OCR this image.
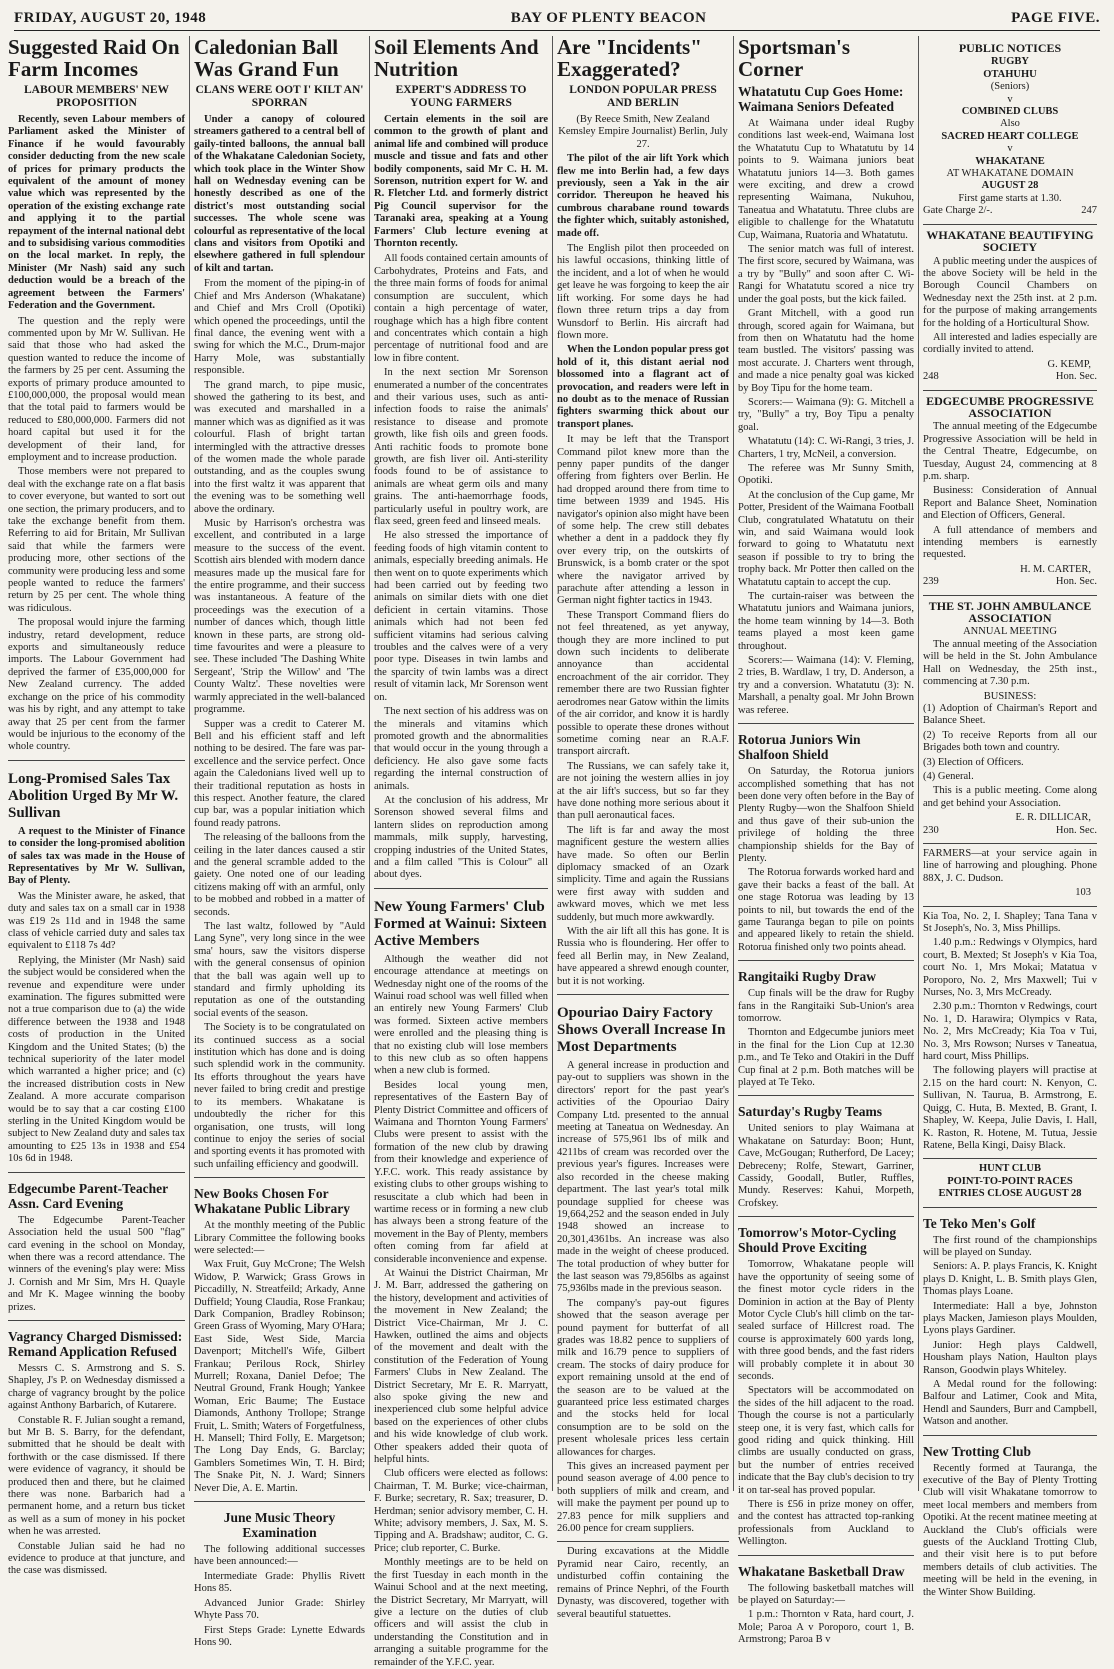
FRIDAY, AUGUST 20, 1948	BAY OF PLENTY BEACON	PAGE FIVE.
Suggested Raid On Farm Incomes
LABOUR MEMBERS' NEW PROPOSITION

Recently, seven Labour members of Parliament asked the Minister of Finance if he would favourably consider deducting from the new scale of prices for primary products the equivalent of the amount of money value which was represented by the operation of the existing exchange rate and applying it to the partial repayment of the internal national debt and to subsidising various commodities on the local market. In reply, the Minister (Mr Nash) said any such deduction would be a breach of the agreement between the Farmers' Federation and the Government.

The question and the reply were commented upon by Mr W. Sullivan. He said that those who had asked the question wanted to reduce the income of the farmers by 25 per cent. Assuming the exports of primary produce amounted to £100,000,000, the proposal would mean that the total paid to farmers would be reduced to £80,000,000. Farmers did not hoard capital but used it for the development of their land, for employment and to increase production.

Those members were not prepared to deal with the exchange rate on a flat basis to cover everyone, but wanted to sort out one section, the primary producers, and to take the exchange benefit from them. Referring to aid for Britain, Mr Sullivan said that while the farmers were producing more, other sections of the community were producing less and some people wanted to reduce the farmers' return by 25 per cent. The whole thing was ridiculous.

The proposal would injure the farming industry, retard development, reduce exports and simultaneously reduce imports. The Labour Government had deprived the farmer of £35,000,000 for New Zealand currency. The added exchange on the price of his commodity was his by right, and any attempt to take away that 25 per cent from the farmer would be injurious to the economy of the whole country.

Long-Promised Sales Tax Abolition Urged By Mr W. Sullivan

A request to the Minister of Finance to consider the long-promised abolition of sales tax was made in the House of Representatives by Mr W. Sullivan, Bay of Plenty.

Was the Minister aware, he asked, that duty and sales tax on a small car in 1938 was £19 2s 11d and in 1948 the same class of vehicle carried duty and sales tax equivalent to £118 7s 4d?

Replying, the Minister (Mr Nash) said the subject would be considered when the revenue and expenditure were under examination. The figures submitted were not a true comparison due to (a) the wide difference between the 1938 and 1948 costs of production in the United Kingdom and the United States; (b) the technical superiority of the later model which warranted a higher price; and (c) the increased distribution costs in New Zealand. A more accurate comparison would be to say that a car costing £100 sterling in the United Kingdom would be subject to New Zealand duty and sales tax amounting to £25 13s in 1938 and £54 10s 6d in 1948.

Edgecumbe Parent-Teacher Assn. Card Evening

The Edgecumbe Parent-Teacher Association held the usual 500 "flag" card evening in the school on Monday, when there was a record attendance. The winners of the evening's play were: Miss J. Cornish and Mr Sim, Mrs H. Quayle and Mr K. Magee winning the booby prizes.

Vagrancy Charged Dismissed: Remand Application Refused

Messrs C. S. Armstrong and S. S. Shapley, J's P. on Wednesday dismissed a charge of vagrancy brought by the police against Anthony Barbarich, of Kutarere.

Constable R. F. Julian sought a remand, but Mr B. S. Barry, for the defendant, submitted that he should be dealt with forthwith or the case dismissed. If there were evidence of vagrancy, it should be produced then and there, but he claimed there was none. Barbarich had a permanent home, and a return bus ticket as well as a sum of money in his pocket when he was arrested.

Constable Julian said he had no evidence to produce at that juncture, and the case was dismissed.

Caledonian Ball Was Grand Fun
CLANS WERE OOT I' KILT AN' SPORRAN

Under a canopy of coloured streamers gathered to a central bell of gaily-tinted balloons, the annual ball of the Whakatane Caledonian Society, which took place in the Winter Show hall on Wednesday evening can be honestly described as one of the district's most outstanding social successes. The whole scene was colourful as representative of the local clans and visitors from Opotiki and elsewhere gathered in full splendour of kilt and tartan.

From the moment of the piping-in of Chief and Mrs Anderson (Whakatane) and Chief and Mrs Croll (Opotiki) which opened the proceedings, until the final dance, the evening went with a swing for which the M.C., Drum-major Harry Mole, was substantially responsible.

The grand march, to pipe music, showed the gathering to its best, and was executed and marshalled in a manner which was as dignified as it was colourful. Flash of bright tartan intermingled with the attractive dresses of the women made the whole parade outstanding, and as the couples swung into the first waltz it was apparent that the evening was to be something well above the ordinary.

Music by Harrison's orchestra was excellent, and contributed in a large measure to the success of the event. Scottish airs blended with modern dance measures made up the musical fare for the entire programme, and their success was instantaneous. A feature of the proceedings was the execution of a number of dances which, though little known in these parts, are strong old-time favourites and were a pleasure to see. These included 'The Dashing White Sergeant', 'Strip the Willow' and 'The County Waltz'. These novelties were warmly appreciated in the well-balanced programme.

Supper was a credit to Caterer M. Bell and his efficient staff and left nothing to be desired. The fare was par-excellence and the service perfect. Once again the Caledonians lived well up to their traditional reputation as hosts in this respect. Another feature, the clared cup bar, was a popular initiation which found ready patrons.

The releasing of the balloons from the ceiling in the later dances caused a stir and the general scramble added to the gaiety. One noted one of our leading citizens making off with an armful, only to be mobbed and robbed in a matter of seconds.

The last waltz, followed by "Auld Lang Syne", very long since in the wee sma' hours, saw the visitors disperse with the general consensus of opinion that the ball was again well up to standard and firmly upholding its reputation as one of the outstanding social events of the season.

The Society is to be congratulated on its continued success as a social institution which has done and is doing such splendid work in the community. Its efforts throughout the years have never failed to bring credit and prestige to its members. Whakatane is undoubtedly the richer for this organisation, one trusts, will long continue to enjoy the series of social and sporting events it has promoted with such unfailing efficiency and goodwill.

New Books Chosen For Whakatane Public Library

At the monthly meeting of the Public Library Committee the following books were selected:—

Wax Fruit, Guy McCrone; The Welsh Widow, P. Warwick; Grass Grows in Piccadilly, N. Streatfeild; Arkady, Anne Duffield; Young Claudia, Rose Frankau; Dark Companion, Bradley Robinson; Green Grass of Wyoming, Mary O'Hara; East Side, West Side, Marcia Davenport; Mitchell's Wife, Gilbert Frankau; Perilous Rock, Shirley Murrell; Roxana, Daniel Defoe; The Neutral Ground, Frank Hough; Yankee Woman, Eric Baume; The Eustace Diamonds, Anthony Trollope; Strange Fruit, L. Smith; Waters of Forgetfulness, H. Mansell; Third Folly, E. Margetson; The Long Day Ends, G. Barclay; Gamblers Sometimes Win, T. H. Bird; The Snake Pit, N. J. Ward; Sinners Never Die, A. E. Martin.

June Music Theory Examination

The following additional successes have been announced:—

Intermediate Grade: Phyllis Rivett Hons 85.

Advanced Junior Grade: Shirley Whyte Pass 70.

First Steps Grade: Lynette Edwards Hons 90.

Soil Elements And Nutrition
EXPERT'S ADDRESS TO YOUNG FARMERS

Certain elements in the soil are common to the growth of plant and animal life and combined will produce muscle and tissue and fats and other bodily components, said Mr C. H. M. Sorenson, nutrition expert for W. and R. Fletcher Ltd. and formerly district Pig Council supervisor for the Taranaki area, speaking at a Young Farmers' Club lecture evening at Thornton recently.

All foods contained certain amounts of Carbohydrates, Proteins and Fats, and the three main forms of foods for animal consumption are succulent, which contain a high percentage of water, roughage which has a high fibre content and concentrates which contain a high percentage of nutritional food and are low in fibre content.

In the next section Mr Sorenson enumerated a number of the concentrates and their various uses, such as anti-infection foods to raise the animals' resistance to disease and promote growth, like fish oils and green foods. Anti rachitic foods to promote bone growth, are fish liver oil. Anti-sterility foods found to be of assistance to animals are wheat germ oils and many grains. The anti-haemorrhage foods, particularly useful in poultry work, are flax seed, green feed and linseed meals.

He also stressed the importance of feeding foods of high vitamin content to animals, especially breeding animals. He then went on to quote experiments which had been carried out by feeding two animals on similar diets with one diet deficient in certain vitamins. Those animals which had not been fed sufficient vitamins had serious calving troubles and the calves were of a very poor type. Diseases in twin lambs and the sparcity of twin lambs was a direct result of vitamin lack, Mr Sorenson went on.

The next section of his address was on the minerals and vitamins which promoted growth and the abnormalities that would occur in the young through a deficiency. He also gave some facts regarding the internal construction of animals.

At the conclusion of his address, Mr Sorenson showed several films and lantern slides on reproduction among mammals, milk supply, harvesting, cropping industries of the United States, and a film called "This is Colour" all about dyes.

New Young Farmers' Club Formed at Wainui: Sixteen Active Members

Although the weather did not encourage attendance at meetings on Wednesday night one of the rooms of the Wainui road school was well filled when an entirely new Young Farmers' Club was formed. Sixteen active members were enrolled and the pleasing thing is that no existing club will lose members to this new club as so often happens when a new club is formed.

Besides local young men, representatives of the Eastern Bay of Plenty District Committee and officers of Waimana and Thornton Young Farmers' Clubs were present to assist with the formation of the new club by drawing from their knowledge and experience of Y.F.C. work. This ready assistance by existing clubs to other groups wishing to resuscitate a club which had been in wartime recess or in forming a new club has always been a strong feature of the movement in the Bay of Plenty, members often coming from far afield at considerable inconvenience and expense.

At Wainui the District Chairman, Mr J. M. Barr, addressed the gathering on the history, development and activities of the movement in New Zealand; the District Vice-Chairman, Mr J. C. Hawken, outlined the aims and objects of the movement and dealt with the constitution of the Federation of Young Farmers' Clubs in New Zealand. The District Secretary, Mr E. R. Marryatt, also spoke giving the new and inexperienced club some helpful advice based on the experiences of other clubs and his wide knowledge of club work. Other speakers added their quota of helpful hints.

Club officers were elected as follows: Chairman, T. M. Burke; vice-chairman, F. Burke; secretary, R. Sax; treasurer, D. Herdman; senior advisory member, C. H. White; advisory members, J. Sax, M. S. Tipping and A. Bradshaw; auditor, C. G. Price; club reporter, C. Burke.

Monthly meetings are to be held on the first Tuesday in each month in the Wainui School and at the next meeting, the District Secretary, Mr Marryatt, will give a lecture on the duties of club officers and will assist the club in understanding the Constitution and in arranging a suitable programme for the remainder of the Y.F.C. year.

Are "Incidents" Exaggerated?
LONDON POPULAR PRESS AND BERLIN

(By Reece Smith, New Zealand Kemsley Empire Journalist) Berlin, July 27.

The pilot of the air lift York which flew me into Berlin had, a few days previously, seen a Yak in the air corridor. Thereupon he heaved his cumbrous charabane round towards the fighter which, suitably astonished, made off.

The English pilot then proceeded on his lawful occasions, thinking little of the incident, and a lot of when he would get leave he was forgoing to keep the air lift working. For some days he had flown three return trips a day from Wunsdorf to Berlin. His aircraft had flown more.

When the London popular press got hold of it, this distant aerial nod blossomed into a flagrant act of provocation, and readers were left in no doubt as to the menace of Russian fighters swarming thick about our transport planes.

It may be left that the Transport Command pilot knew more than the penny paper pundits of the danger offering from fighters over Berlin. He had dropped around there from time to time between 1939 and 1945. His navigator's opinion also might have been of some help. The crew still debates whether a dent in a paddock they fly over every trip, on the outskirts of Brunswick, is a bomb crater or the spot where the navigator arrived by parachute after attending a lesson in German night fighter tactics in 1943.

These Transport Command fliers do not feel threatened, as yet anyway, though they are more inclined to put down such incidents to deliberate annoyance than accidental encroachment of the air corridor. They remember there are two Russian fighter aerodromes near Gatow within the limits of the air corridor, and know it is hardly possible to operate these drones without sometime coming near an R.A.F. transport aircraft.

The Russians, we can safely take it, are not joining the western allies in joy at the air lift's success, but so far they have done nothing more serious about it than pull aeronautical faces.

The lift is far and away the most magnificent gesture the western allies have made. So often our Berlin diplomacy smacked of an Ozark simplicity. Time and again the Russians were first away with sudden and awkward moves, which we met less suddenly, but much more awkwardly.

With the air lift all this has gone. It is Russia who is floundering. Her offer to feed all Berlin may, in New Zealand, have appeared a shrewd enough counter, but it is not working.

Opouriao Dairy Factory Shows Overall Increase In Most Departments

A general increase in production and pay-out to suppliers was shown in the directors' report for the past year's activities of the Opouriao Dairy Company Ltd. presented to the annual meeting at Taneatua on Wednesday. An increase of 575,961 lbs of milk and 4211bs of cream was recorded over the previous year's figures. Increases were also recorded in the cheese making department. The last year's total milk poundage supplied for cheese was 19,664,252 and the season ended in July 1948 showed an increase to 20,301,4361bs. An increase was also made in the weight of cheese produced. The total production of whey butter for the last season was 79,856lbs as against 75,936lbs made in the previous season.

The company's pay-out figures showed that the season average per pound payment for butterfat of all grades was 18.82 pence to suppliers of milk and 16.79 pence to suppliers of cream. The stocks of dairy produce for export remaining unsold at the end of the season are to be valued at the guaranteed price less estimated charges and the stocks held for local consumption are to be sold on the present wholesale prices less certain allowances for charges.

This gives an increased payment per pound season average of 4.00 pence to both suppliers of milk and cream, and will make the payment per pound up to 27.83 pence for milk suppliers and 26.00 pence for cream suppliers.

During excavations at the Middle Pyramid near Cairo, recently, an undisturbed coffin containing the remains of Prince Nephri, of the Fourth Dynasty, was discovered, together with several beautiful statuettes.

Sportsman's Corner
Whatatutu Cup Goes Home: Waimana Seniors Defeated

At Waimana under ideal Rugby conditions last week-end, Waimana lost the Whatatutu Cup to Whatatutu by 14 points to 9. Waimana juniors beat Whatatutu juniors 14—3. Both games were exciting, and drew a crowd representing Waimana, Nukuhou, Taneatua and Whatatutu. Three clubs are eligible to challenge for the Whatatutu Cup, Waimana, Ruatoria and Whatatutu.

The senior match was full of interest. The first score, secured by Waimana, was a try by "Bully" and soon after C. Wi-Rangi for Whatatutu scored a nice try under the goal posts, but the kick failed.

Grant Mitchell, with a good run through, scored again for Waimana, but from then on Whatatutu had the home team bustled. The visitors' passing was most accurate. J. Charters went through, and made a nice penalty goal was kicked by Boy Tipu for the home team.

Scorers:— Waimana (9): G. Mitchell a try, "Bully" a try, Boy Tipu a penalty goal.

Whatatutu (14): C. Wi-Rangi, 3 tries, J. Charters, 1 try, McNeil, a conversion.

The referee was Mr Sunny Smith, Opotiki.

At the conclusion of the Cup game, Mr Potter, President of the Waimana Football Club, congratulated Whatatutu on their win, and said Waimana would look forward to going to Whatatutu next season if possible to try to bring the trophy back. Mr Potter then called on the Whatatutu captain to accept the cup.

The curtain-raiser was between the Whatatutu juniors and Waimana juniors, the home team winning by 14—3. Both teams played a most keen game throughout.

Scorers:— Waimana (14): V. Fleming, 2 tries, B. Wardlaw, 1 try, D. Anderson, a try and a conversion. Whatatutu (3): N. Marshall, a penalty goal. Mr John Brown was referee.

Rotorua Juniors Win Shalfoon Shield

On Saturday, the Rotorua juniors accomplished something that has not been done very often before in the Bay of Plenty Rugby—won the Shalfoon Shield and thus gave of their sub-union the privilege of holding the three championship shields for the Bay of Plenty.

The Rotorua forwards worked hard and gave their backs a feast of the ball. At one stage Rotorua was leading by 13 points to nil, but towards the end of the game Tauranga began to pile on points and appeared likely to retain the shield. Rotorua finished only two points ahead.

Rangitaiki Rugby Draw

Cup finals will be the draw for Rugby fans in the Rangitaiki Sub-Union's area tomorrow.

Thornton and Edgecumbe juniors meet in the final for the Lion Cup at 12.30 p.m., and Te Teko and Otakiri in the Duff Cup final at 2 p.m. Both matches will be played at Te Teko.

Saturday's Rugby Teams

United seniors to play Waimana at Whakatane on Saturday: Boon; Hunt, Cave, McGougan; Rutherford, De Lacey; Debreceny; Rolfe, Stewart, Garriner, Cassidy, Goodall, Butler, Ruffles, Mundy. Reserves: Kahui, Morpeth, Crofskey.

Tomorrow's Motor-Cycling Should Prove Exciting

Tomorrow, Whakatane people will have the opportunity of seeing some of the finest motor cycle riders in the Dominion in action at the Bay of Plenty Motor Cycle Club's hill climb on the tar-sealed surface of Hillcrest road. The course is approximately 600 yards long, with three good bends, and the fast riders will probably complete it in about 30 seconds.

Spectators will be accommodated on the sides of the hill adjacent to the road. Though the course is not a particularly steep one, it is very fast, which calls for good riding and quick thinking. Hill climbs are usually conducted on grass, but the number of entries received indicate that the Bay club's decision to try it on tar-seal has proved popular.

There is £56 in prize money on offer, and the contest has attracted top-ranking professionals from Auckland to Wellington.

Whakatane Basketball Draw

The following basketball matches will be played on Saturday:—

1 p.m.: Thornton v Rata, hard court, J. Mole; Paroa A v Poroporo, court 1, B. Armstrong; Paroa B v

PUBLIC NOTICES
RUGBY
OTAHUHU
(Seniors)
v
COMBINED CLUBS
Also
SACRED HEART COLLEGE
v
WHAKATANE
AT WHAKATANE DOMAIN
AUGUST 28
First game starts at 1.30.
Gate Charge 2/-.	247
WHAKATANE BEAUTIFYING SOCIETY

A public meeting under the auspices of the above Society will be held in the Borough Council Chambers on Wednesday next the 25th inst. at 2 p.m. for the purpose of making arrangements for the holding of a Horticultural Show.

All interested and ladies especially are cordially invited to attend.

G. KEMP,
248	Hon. Sec.
EDGECUMBE PROGRESSIVE ASSOCIATION

The annual meeting of the Edgecumbe Progressive Association will be held in the Central Theatre, Edgecumbe, on Tuesday, August 24, commencing at 8 p.m. sharp.

Business: Consideration of Annual Report and Balance Sheet, Nomination and Election of Officers, General.

A full attendance of members and intending members is earnestly requested.

H. M. CARTER,
239	Hon. Sec.
THE ST. JOHN AMBULANCE ASSOCIATION
ANNUAL MEETING

The annual meeting of the Association will be held in the St. John Ambulance Hall on Wednesday, the 25th inst., commencing at 7.30 p.m.

BUSINESS:

(1) Adoption of Chairman's Report and Balance Sheet.

(2) To receive Reports from all our Brigades both town and country.

(3) Election of Officers.

(4) General.

This is a public meeting. Come along and get behind your Association.

E. R. DILLICAR,
230	Hon. Sec.

FARMERS—at your service again in line of harrowing and ploughing. Phone 88X, J. C. Dudson.

103

Kia Toa, No. 2, I. Shapley; Tana Tana v St Joseph's, No. 3, Miss Phillips.

1.40 p.m.: Redwings v Olympics, hard court, B. Mexted; St Joseph's v Kia Toa, court No. 1, Mrs Mokai; Matatua v Poroporo, No. 2, Mrs Maxwell; Tui v Nurses, No. 3, Mrs McCready.

2.30 p.m.: Thornton v Redwings, court No. 1, D. Harawira; Olympics v Rata, No. 2, Mrs McCready; Kia Toa v Tui, No. 3, Mrs Rowson; Nurses v Taneatua, hard court, Miss Phillips.

The following players will practise at 2.15 on the hard court: N. Kenyon, C. Sullivan, N. Taurua, B. Armstrong, E. Quigg, C. Huta, B. Mexted, B. Grant, I. Shapley, W. Keepa, Julie Davis, I. Hall, K. Raston, R. Hotene, M. Tutua, Jessie Ratene, Bella Kingi, Daisy Black.

HUNT CLUB
POINT-TO-POINT RACES
ENTRIES CLOSE AUGUST 28
Te Teko Men's Golf

The first round of the championships will be played on Sunday.

Seniors: A. P. plays Francis, K. Knight plays D. Knight, L. B. Smith plays Glen, Thomas plays Loane.

Intermediate: Hall a bye, Johnston plays Macken, Jamieson plays Moulden, Lyons plays Gardiner.

Junior: Hegh plays Caldwell, Housham plays Nation, Haulton plays Ranson, Goodwin plays Whiteley.

A Medal round for the following: Balfour and Latimer, Cook and Mita, Hendl and Saunders, Burr and Campbell, Watson and another.

New Trotting Club

Recently formed at Tauranga, the executive of the Bay of Plenty Trotting Club will visit Whakatane tomorrow to meet local members and members from Opotiki. At the recent matinee meeting at Auckland the Club's officials were guests of the Auckland Trotting Club, and their visit here is to put before members details of club activities. The meeting will be held in the evening, in the Winter Show Building.
